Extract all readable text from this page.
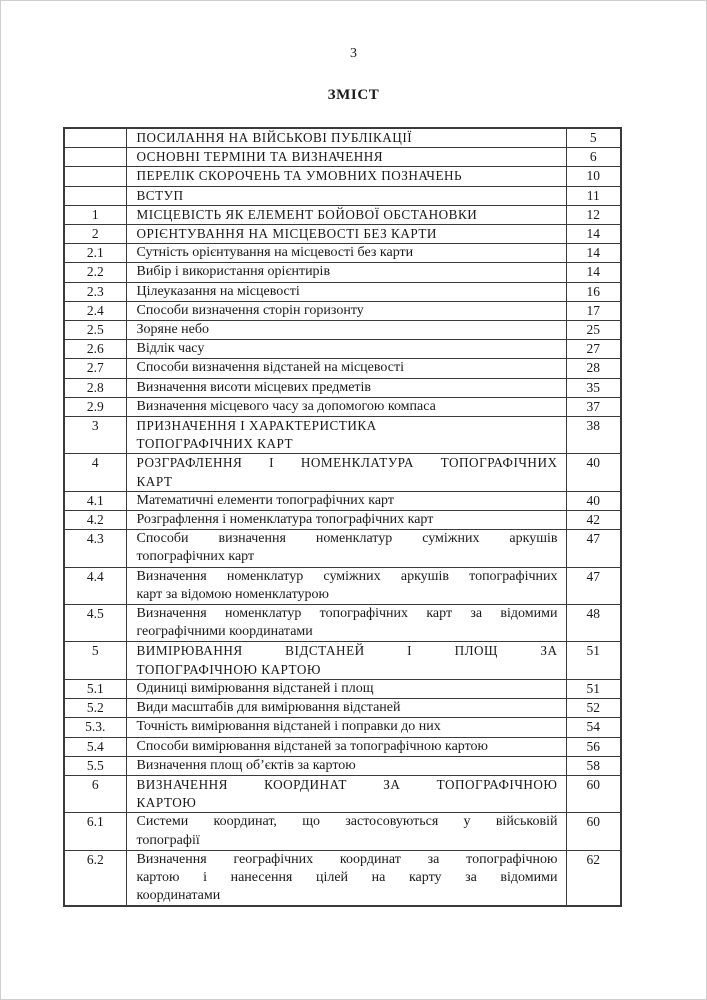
3
ЗМІСТ

	ПОСИЛАННЯ НА ВІЙСЬКОВІ ПУБЛІКАЦІЇ	5

	ОСНОВНІ ТЕРМІНИ ТА ВИЗНАЧЕННЯ	6

	ПЕРЕЛІК СКОРОЧЕНЬ ТА УМОВНИХ ПОЗНАЧЕНЬ	10

	ВСТУП	11
1	МІСЦЕВІСТЬ ЯК ЕЛЕМЕНТ БОЙОВОЇ ОБСТАНОВКИ	12
2	ОРІЄНТУВАННЯ НА МІСЦЕВОСТІ БЕЗ КАРТИ	14
2.1	Сутність орієнтування на місцевості без карти	14
2.2	Вибір і використання орієнтирів	14
2.3	Цілеуказання на місцевості	16
2.4	Способи визначення сторін горизонту	17
2.5	Зоряне небо	25
2.6	Відлік часу	27
2.7	Способи визначення відстаней на місцевості	28
2.8	Визначення висоти місцевих предметів	35
2.9	Визначення місцевого часу за допомогою компаса	37
3	ПРИЗНАЧЕННЯ І ХАРАКТЕРИСТИКА
ТОПОГРАФІЧНИХ КАРТ	38
4	РОЗГРАФЛЕННЯ І НОМЕНКЛАТУРА ТОПОГРАФІЧНИХ
КАРТ	40
4.1	Математичні елементи топографічних карт	40
4.2	Розграфлення і номенклатура топографічних карт	42
4.3	Способи визначення номенклатур суміжних аркушів
топографічних карт	47
4.4	Визначення номенклатур суміжних аркушів топографічних
карт за відомою номенклатурою	47
4.5	Визначення номенклатур топографічних карт за відомими
географічними координатами	48
5	ВИМІРЮВАННЯ ВІДСТАНЕЙ І ПЛОЩ ЗА
ТОПОГРАФІЧНОЮ КАРТОЮ	51
5.1	Одиниці вимірювання відстаней і площ	51
5.2	Види масштабів для вимірювання відстаней	52
5.3.	Точність вимірювання відстаней і поправки до них	54
5.4	Способи вимірювання відстаней за топографічною картою	56
5.5	Визначення площ об’єктів за картою	58
6	ВИЗНАЧЕННЯ КООРДИНАТ ЗА ТОПОГРАФІЧНОЮ
КАРТОЮ	60
6.1	Системи координат, що застосовуються у військовій
топографії	60
6.2	Визначення географічних координат за топографічною
картою і нанесення цілей на карту за відомими
координатами	62
